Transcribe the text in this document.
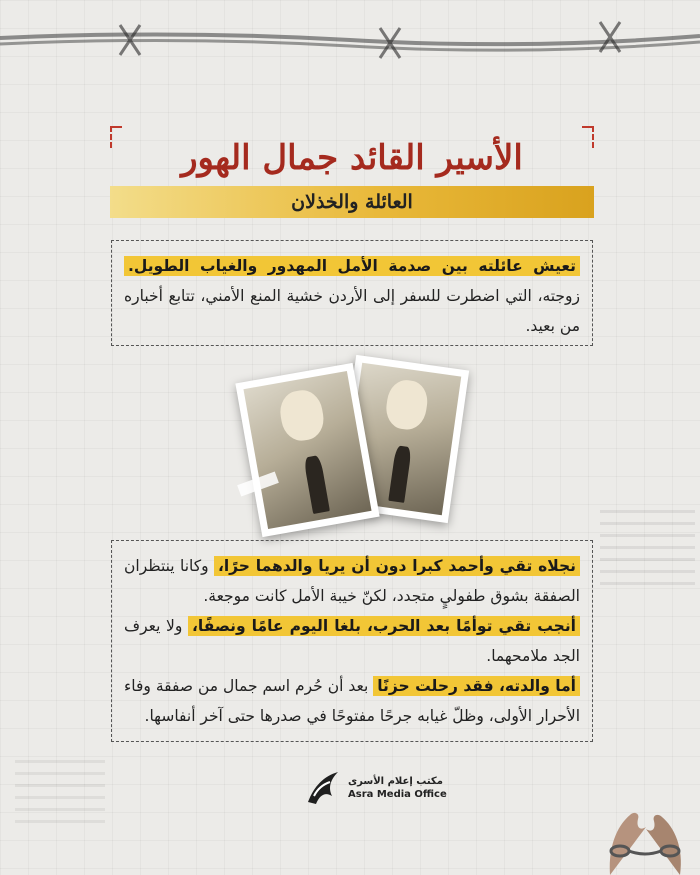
الأسير القائد جمال الهور
العائلة والخذلان
تعيش عائلته بين صدمة الأمل المهدور والغياب الطويل. زوجته، التي اضطرت للسفر إلى الأردن خشية المنع الأمني، تتابع أخباره من بعيد.
نجلاه تقي وأحمد كبرا دون أن يريا والدهما حرًا، وكانا ينتظران الصفقة بشوق طفوليٍ متجدد، لكنّ خيبة الأمل كانت موجعة.
أنجب تقي توأمًا بعد الحرب، بلغا اليوم عامًا ونصفًا، ولا يعرف الجد ملامحهما.
أما والدته، فقد رحلت حزنًا بعد أن حُرم اسم جمال من صفقة وفاء الأحرار الأولى، وظلّ غيابه جرحًا مفتوحًا في صدرها حتى آخر أنفاسها.
مكتب إعلام الأسرى
Asra Media Office
